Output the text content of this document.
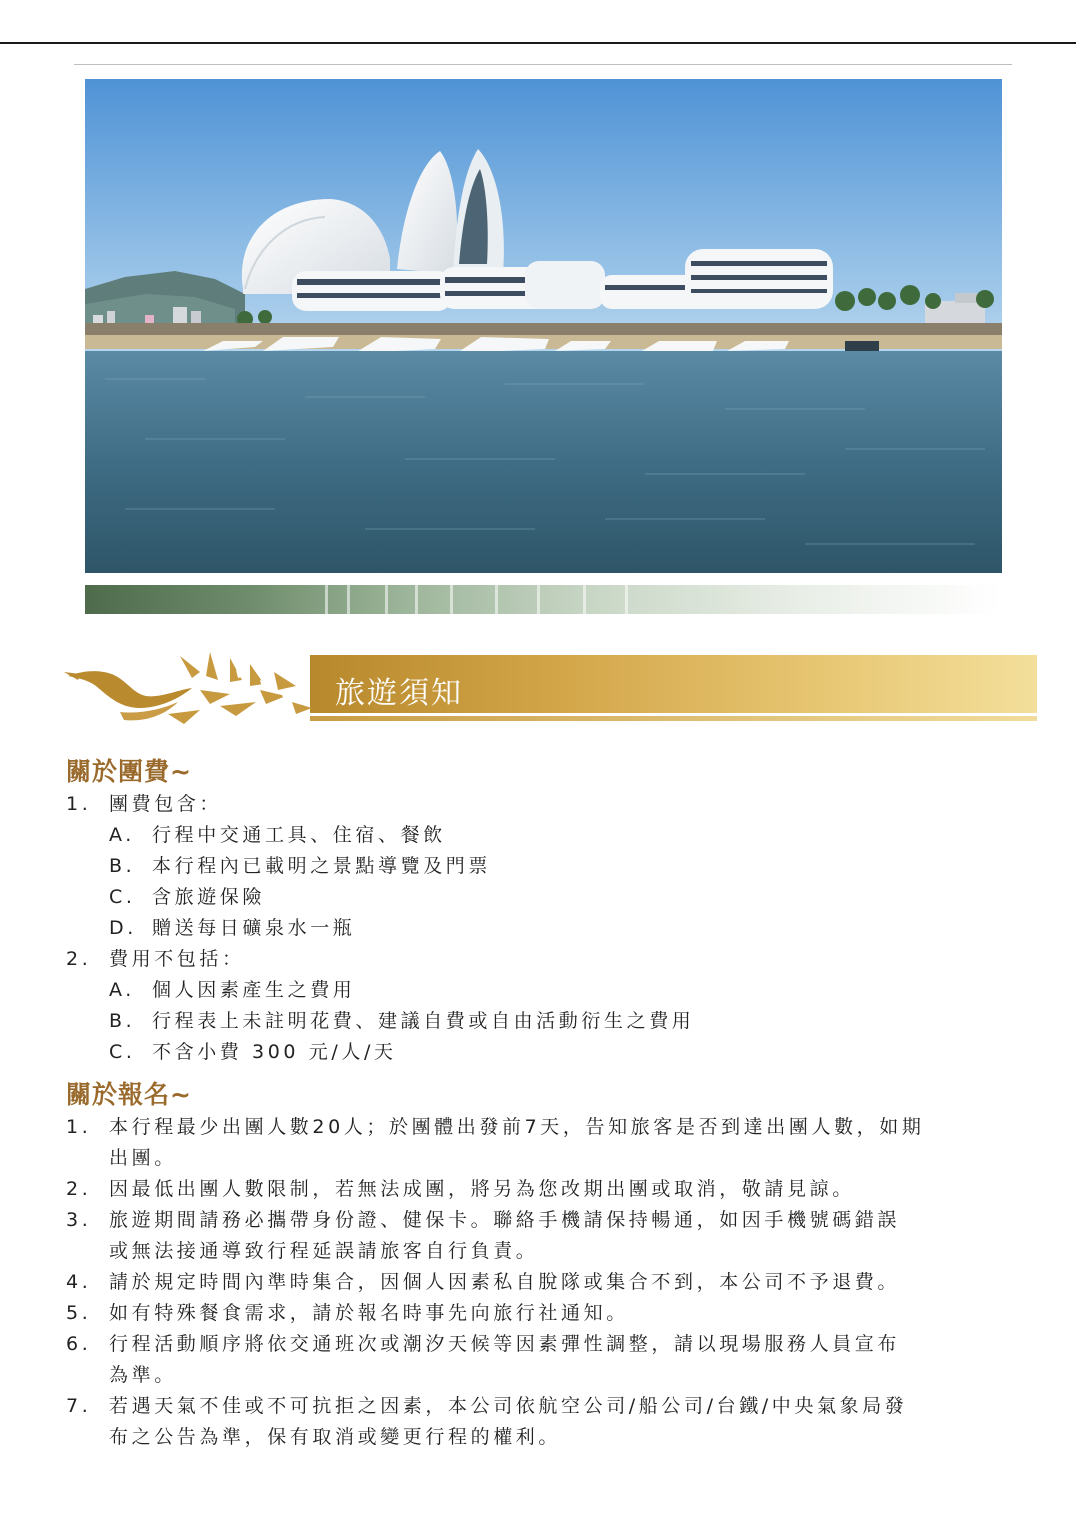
旅遊須知
關於團費~
1. 團費包含：
A. 行程中交通工具、住宿、餐飲
B. 本行程內已載明之景點導覽及門票
C. 含旅遊保險
D. 贈送每日礦泉水一瓶
2. 費用不包括：
A. 個人因素產生之費用
B. 行程表上未註明花費、建議自費或自由活動衍生之費用
C. 不含小費 300 元/人/天
關於報名~
1. 本行程最少出團人數20人；於團體出發前7天，告知旅客是否到達出團人數，如期
出團。
2. 因最低出團人數限制，若無法成團，將另為您改期出團或取消，敬請見諒。
3. 旅遊期間請務必攜帶身份證、健保卡。聯絡手機請保持暢通，如因手機號碼錯誤
或無法接通導致行程延誤請旅客自行負責。
4. 請於規定時間內準時集合，因個人因素私自脫隊或集合不到，本公司不予退費。
5. 如有特殊餐食需求，請於報名時事先向旅行社通知。
6. 行程活動順序將依交通班次或潮汐天候等因素彈性調整，請以現場服務人員宣布
為準。
7. 若遇天氣不佳或不可抗拒之因素，本公司依航空公司/船公司/台鐵/中央氣象局發
布之公告為準，保有取消或變更行程的權利。
